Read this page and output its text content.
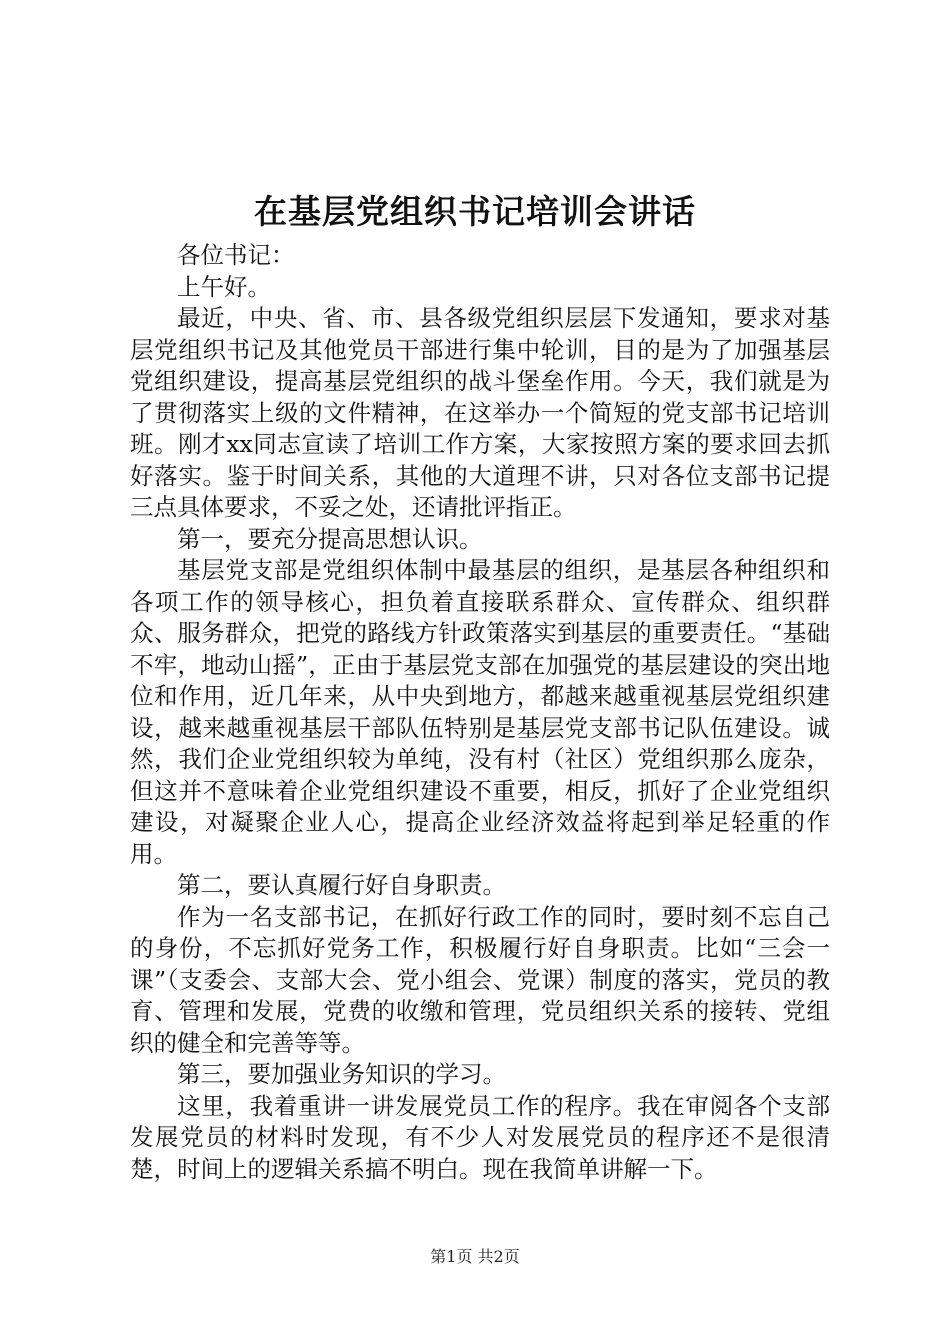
在基层党组织书记培训会讲话

各位书记：

上午好。

最近，中央、省、市、县各级党组织层层下发通知，要求对基层党组织书记及其他党员干部进行集中轮训，目的是为了加强基层党组织建设，提高基层党组织的战斗堡垒作用。今天，我们就是为了贯彻落实上级的文件精神，在这举办一个简短的党支部书记培训班。刚才xx同志宣读了培训工作方案，大家按照方案的要求回去抓好落实。鉴于时间关系，其他的大道理不讲，只对各位支部书记提三点具体要求，不妥之处，还请批评指正。

第一，要充分提高思想认识。

基层党支部是党组织体制中最基层的组织，是基层各种组织和各项工作的领导核心，担负着直接联系群众、宣传群众、组织群众、服务群众，把党的路线方针政策落实到基层的重要责任。“基础不牢，地动山摇”，正由于基层党支部在加强党的基层建设的突出地位和作用，近几年来，从中央到地方，都越来越重视基层党组织建设，越来越重视基层干部队伍特别是基层党支部书记队伍建设。诚然，我们企业党组织较为单纯，没有村（社区）党组织那么庞杂，但这并不意味着企业党组织建设不重要，相反，抓好了企业党组织建设，对凝聚企业人心，提高企业经济效益将起到举足轻重的作用。

第二，要认真履行好自身职责。

作为一名支部书记，在抓好行政工作的同时，要时刻不忘自己的身份，不忘抓好党务工作，积极履行好自身职责。比如“三会一课”（支委会、支部大会、党小组会、党课）制度的落实，党员的教育、管理和发展，党费的收缴和管理，党员组织关系的接转、党组织的健全和完善等等。

第三，要加强业务知识的学习。

这里，我着重讲一讲发展党员工作的程序。我在审阅各个支部发展党员的材料时发现，有不少人对发展党员的程序还不是很清楚，时间上的逻辑关系搞不明白。现在我简单讲解一下。

第1页 共2页
